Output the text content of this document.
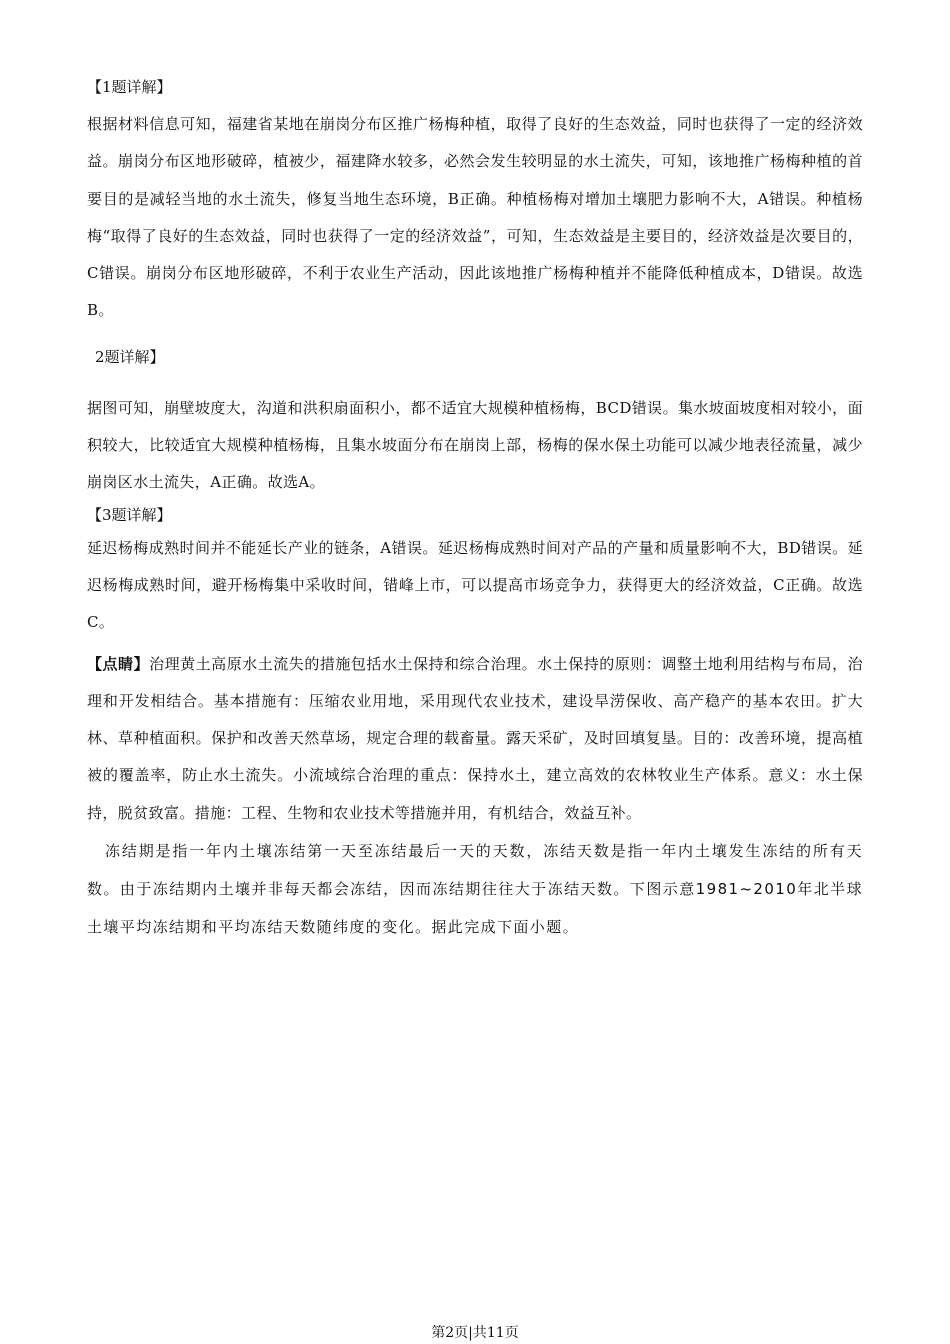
【1题详解】

根据材料信息可知，福建省某地在崩岗分布区推广杨梅种植，取得了良好的生态效益，同时也获得了一定的经济效益。崩岗分布区地形破碎，植被少，福建降水较多，必然会发生较明显的水土流失，可知，该地推广杨梅种植的首要目的是减轻当地的水土流失，修复当地生态环境，B正确。种植杨梅对增加土壤肥力影响不大，A错误。种植杨梅“取得了良好的生态效益，同时也获得了一定的经济效益”，可知，生态效益是主要目的，经济效益是次要目的，C错误。崩岗分布区地形破碎，不利于农业生产活动，因此该地推广杨梅种植并不能降低种植成本，D错误。故选B。

2题详解】

据图可知，崩壁坡度大，沟道和洪积扇面积小，都不适宜大规模种植杨梅，BCD错误。集水坡面坡度相对较小，面积较大，比较适宜大规模种植杨梅，且集水坡面分布在崩岗上部，杨梅的保水保土功能可以减少地表径流量，减少崩岗区水土流失，A正确。故选A。

【3题详解】

延迟杨梅成熟时间并不能延长产业的链条，A错误。延迟杨梅成熟时间对产品的产量和质量影响不大，BD错误。延迟杨梅成熟时间，避开杨梅集中采收时间，错峰上市，可以提高市场竞争力，获得更大的经济效益，C正确。故选C。

【点睛】治理黄土高原水土流失的措施包括水土保持和综合治理。水土保持的原则：调整土地利用结构与布局，治理和开发相结合。基本措施有：压缩农业用地，采用现代农业技术，建设旱涝保收、高产稳产的基本农田。扩大林、草种植面积。保护和改善天然草场，规定合理的载畜量。露天采矿，及时回填复垦。目的：改善环境，提高植被的覆盖率，防止水土流失。小流域综合治理的重点：保持水土，建立高效的农林牧业生产体系。意义：水土保持，脱贫致富。措施：工程、生物和农业技术等措施并用，有机结合，效益互补。

冻结期是指一年内土壤冻结第一天至冻结最后一天的天数，冻结天数是指一年内土壤发生冻结的所有天数。由于冻结期内土壤并非每天都会冻结，因而冻结期往往大于冻结天数。下图示意1981~2010年北半球土壤平均冻结期和平均冻结天数随纬度的变化。据此完成下面小题。

第2页|共11页
